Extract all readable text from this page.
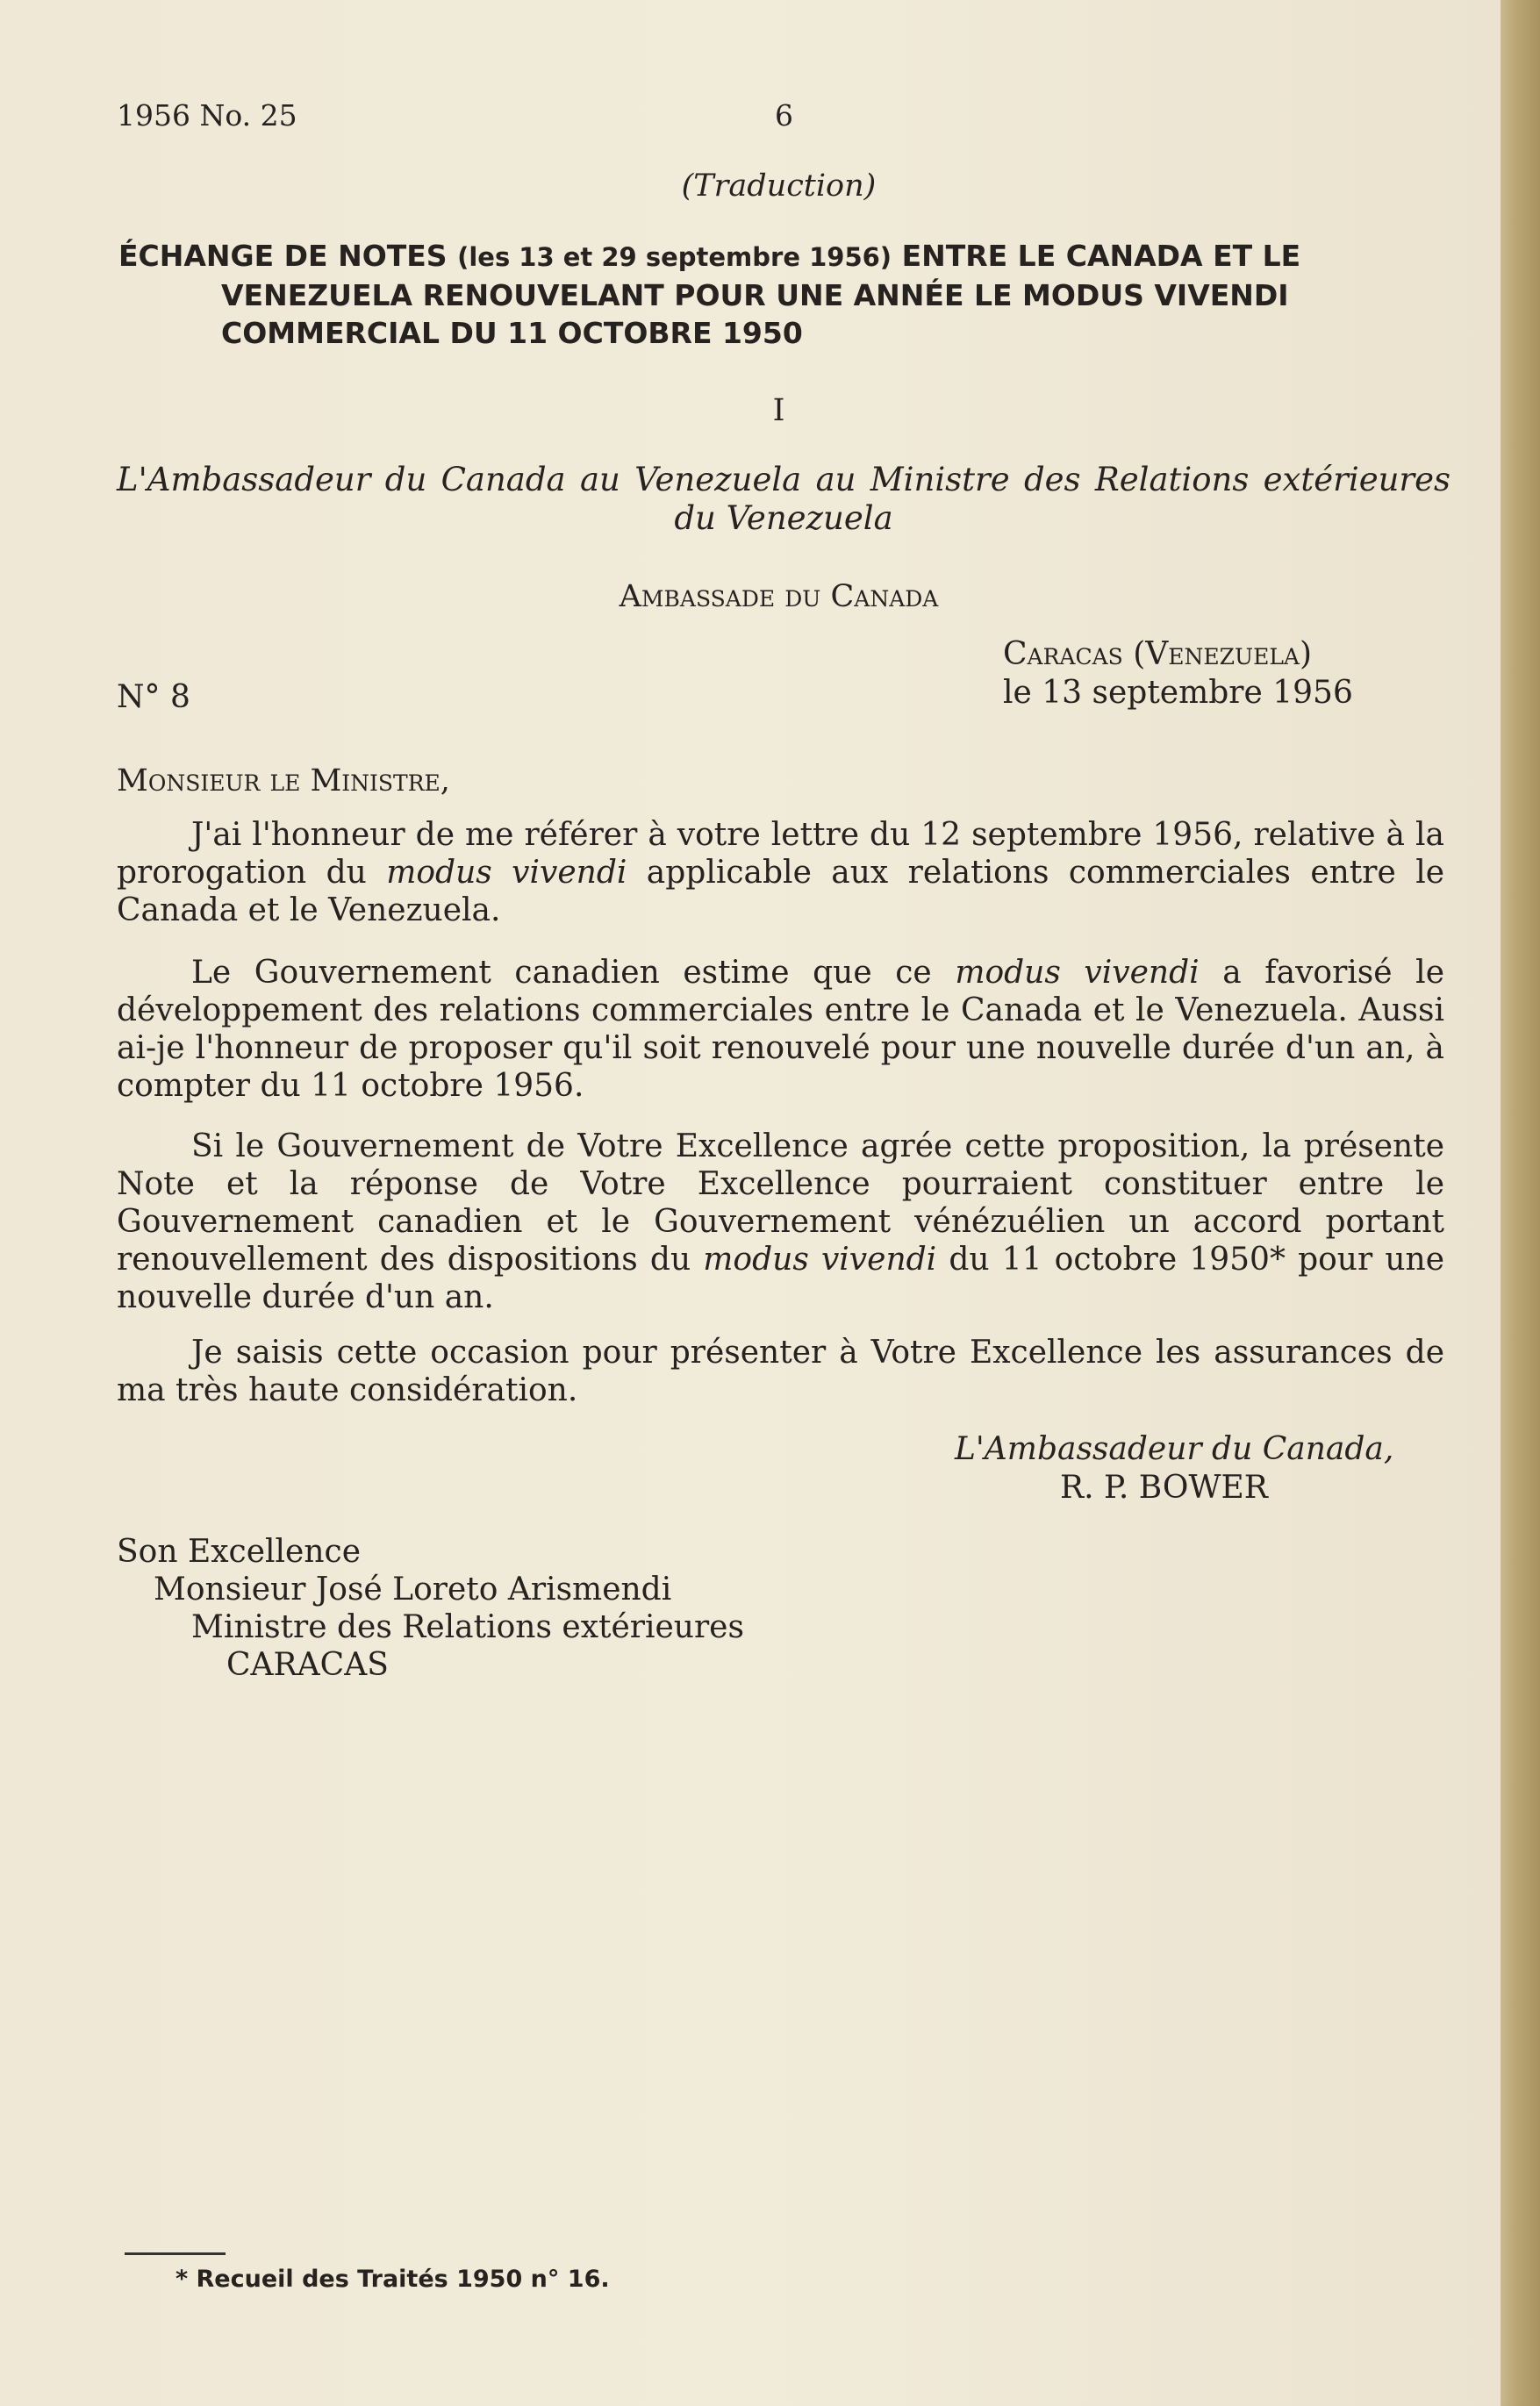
1956 No. 25	6
(Traduction)
ÉCHANGE DE NOTES (les 13 et 29 septembre 1956) ENTRE LE CANADA ET LE
VENEZUELA RENOUVELANT POUR UNE ANNÉE LE MODUS VIVENDI COMMERCIAL DU 11 OCTOBRE 1950
I
L'Ambassadeur du Canada au Venezuela au Ministre des Relations extérieures
du Venezuela
Ambassade du Canada
Caracas (Venezuela)
le 13 septembre 1956
N° 8
Monsieur le Ministre,
J'ai l'honneur de me référer à votre lettre du 12 septembre 1956, relative à la prorogation du modus vivendi applicable aux relations commerciales entre le Canada et le Venezuela.
Le Gouvernement canadien estime que ce modus vivendi a favorisé le développement des relations commerciales entre le Canada et le Venezuela. Aussi ai-je l'honneur de proposer qu'il soit renouvelé pour une nouvelle durée d'un an, à compter du 11 octobre 1956.
Si le Gouvernement de Votre Excellence agrée cette proposition, la présente Note et la réponse de Votre Excellence pourraient constituer entre le Gouvernement canadien et le Gouvernement vénézuélien un accord portant renouvellement des dispositions du modus vivendi du 11 octobre 1950* pour une nouvelle durée d'un an.
Je saisis cette occasion pour présenter à Votre Excellence les assurances de ma très haute considération.
L'Ambassadeur du Canada,
R. P. BOWER
Son Excellence
Monsieur José Loreto Arismendi
Ministre des Relations extérieures
CARACAS
* Recueil des Traités 1950 n° 16.
